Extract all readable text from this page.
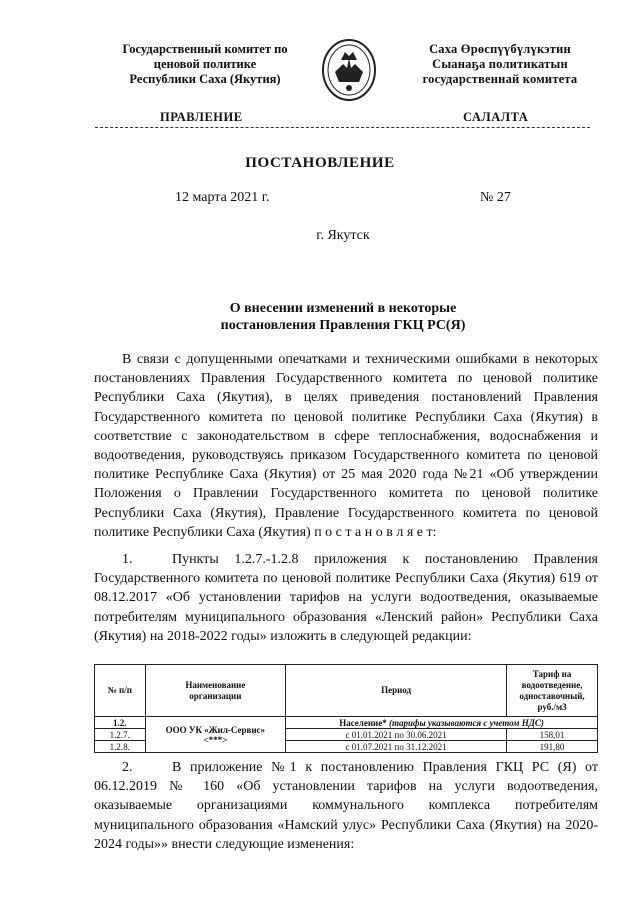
Государственный комитет по
ценовой политике
Республики Саха (Якутия)
Саха Өрөспүүбүлүкэтин
Сыанаҕа политикатын
государственнай комитета
ПРАВЛЕНИЕ	САЛАЛТА
ПОСТАНОВЛЕНИЕ
12 марта 2021 г.	№ 27
г. Якутск
О внесении изменений в некоторые
постановления Правления ГКЦ РС(Я)
В связи с допущенными опечатками и техническими ошибками в некоторых постановлениях Правления Государственного комитета по ценовой политике Республики Саха (Якутия), в целях приведения постановлений Правления Государственного комитета по ценовой политике Республики Саха (Якутия) в соответствие с законодательством в сфере теплоснабжения, водоснабжения и водоотведения, руководствуясь приказом Государственного комитета по ценовой политике Республике Саха (Якутия) от 25 мая 2020 года №21 «Об утверждении Положения о Правлении Государственного комитета по ценовой политике Республики Саха (Якутия), Правление Государственного комитета по ценовой политике Республики Саха (Якутия) п о с т а н о в л я е т:
1.	Пункты 1.2.7.-1.2.8 приложения к постановлению Правления Государственного комитета по ценовой политике Республики Саха (Якутия) 619 от 08.12.2017 «Об установлении тарифов на услуги водоотведения, оказываемые потребителям муниципального образования «Ленский район» Республики Саха (Якутия) на 2018-2022 годы» изложить в следующей редакции:
№ п/п	Наименование организации	Период	Тариф на водоотведение, одноставочный, руб./м3
1.2.	ООО УК «Жил-Сервис» <***>	Население* (тарифы указываются с учетом НДС)	
1.2.7.		с 01.01.2021 по 30.06.2021	158,01
1.2.8.		с 01.07.2021 по 31.12.2021	191,80
2.	В приложение №1 к постановлению Правления ГКЦ РС (Я) от 06.12.2019 № 160 «Об установлении тарифов на услуги водоотведения, оказываемые организациями коммунального комплекса потребителям муниципального образования «Намский улус» Республики Саха (Якутия) на 2020-2024 годы»» внести следующие изменения:
